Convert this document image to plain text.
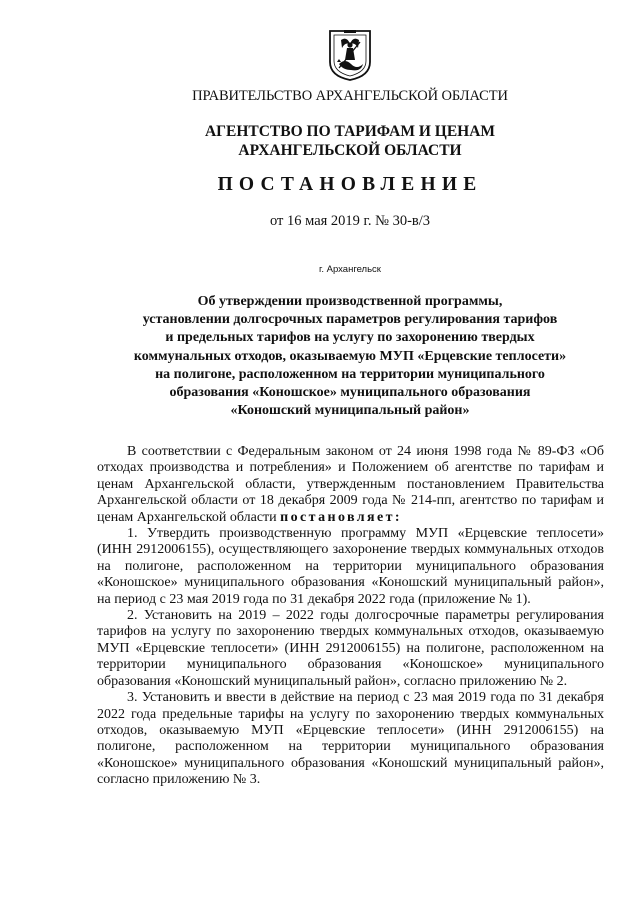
ПРАВИТЕЛЬСТВО АРХАНГЕЛЬСКОЙ ОБЛАСТИ
АГЕНТСТВО ПО ТАРИФАМ И ЦЕНАМ
АРХАНГЕЛЬСКОЙ ОБЛАСТИ
ПОСТАНОВЛЕНИЕ
от 16 мая 2019 г. № 30-в/3
г. Архангельск
Об утверждении производственной программы,
установлении долгосрочных параметров регулирования тарифов
и предельных тарифов на услугу по захоронению твердых
коммунальных отходов, оказываемую МУП «Ерцевские теплосети»
на полигоне, расположенном на территории муниципального
образования «Коношское» муниципального образования
«Коношский муниципальный район»

В соответствии с Федеральным законом от 24 июня 1998 года № 89-ФЗ «Об отходах производства и потребления» и Положением об агентстве по тарифам и ценам Архангельской области, утвержденным постановлением Правительства Архангельской области от 18 декабря 2009 года № 214-пп, агентство по тарифам и ценам Архангельской области постановляет:

1. Утвердить производственную программу МУП «Ерцевские теплосети» (ИНН 2912006155), осуществляющего захоронение твердых коммунальных отходов на полигоне, расположенном на территории муниципального образования «Коношское» муниципального образования «Коношский муниципальный район», на период с 23 мая 2019 года по 31 декабря 2022 года (приложение № 1).

2. Установить на 2019 – 2022 годы долгосрочные параметры регулирования тарифов на услугу по захоронению твердых коммунальных отходов, оказываемую МУП «Ерцевские теплосети» (ИНН 2912006155) на полигоне, расположенном на территории муниципального образования «Коношское» муниципального образования «Коношский муниципальный район», согласно приложению № 2.

3. Установить и ввести в действие на период с 23 мая 2019 года по 31 декабря 2022 года предельные тарифы на услугу по захоронению твердых коммунальных отходов, оказываемую МУП «Ерцевские теплосети» (ИНН 2912006155) на полигоне, расположенном на территории муниципального образования «Коношское» муниципального образования «Коношский муниципальный район», согласно приложению № 3.
